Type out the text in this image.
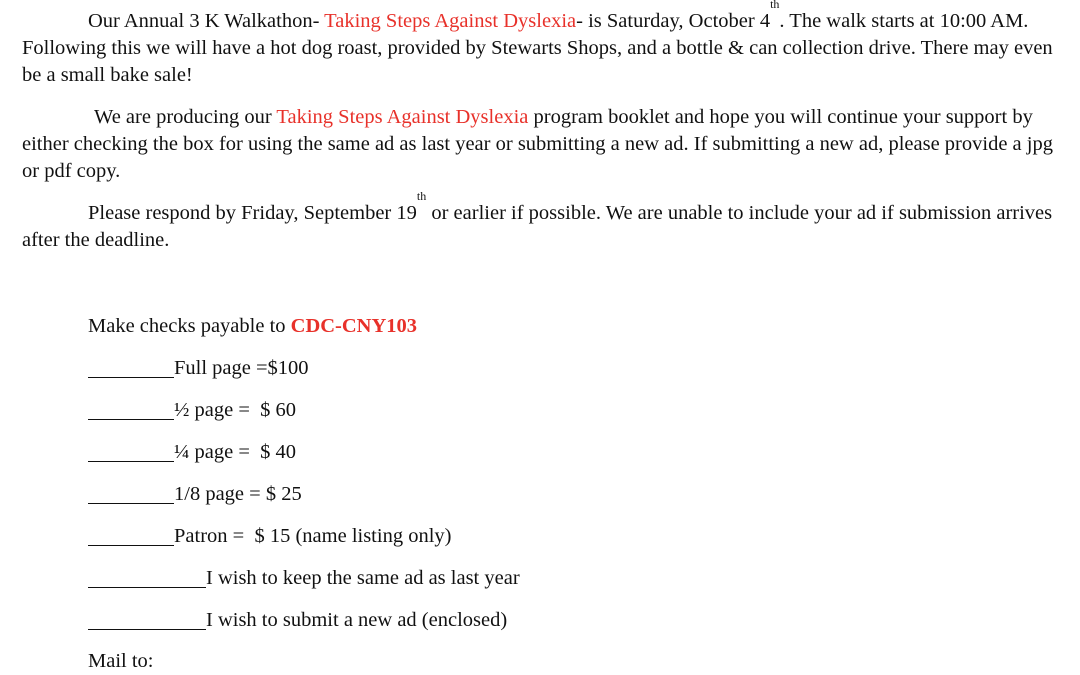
Our Annual 3 K Walkathon- Taking Steps Against Dyslexia- is Saturday, October 4th. The walk starts at 10:00 AM. Following this we will have a hot dog roast, provided by Stewarts Shops, and a bottle & can collection drive. There may even be a small bake sale!

We are producing our Taking Steps Against Dyslexia program booklet and hope you will continue your support by either checking the box for using the same ad as last year or submitting a new ad. If submitting a new ad, please provide a jpg or pdf copy.

Please respond by Friday, September 19th or earlier if possible. We are unable to include your ad if submission arrives after the deadline.

Make checks payable to CDC-CNY103
Full page =$100
½ page = $ 60
¼ page = $ 40
1/8 page = $ 25
Patron = $ 15 (name listing only)
I wish to keep the same ad as last year
I wish to submit a new ad (enclosed)
Mail to:
